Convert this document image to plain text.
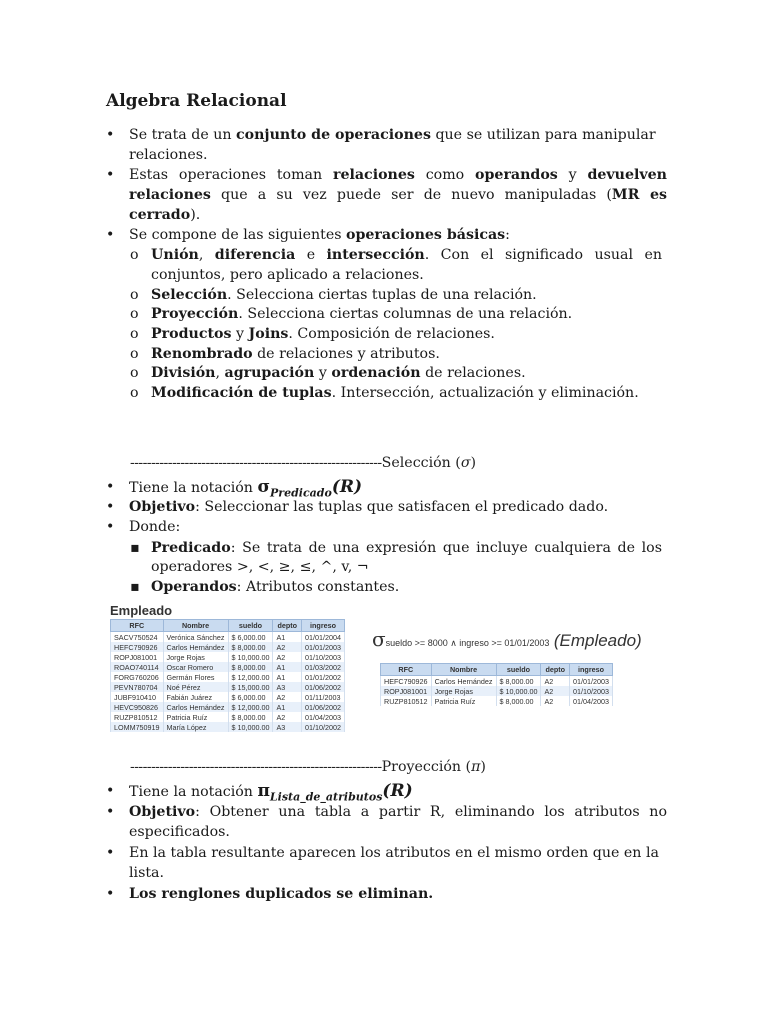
Algebra Relacional
• Se trata de un conjunto de operaciones que se utilizan para manipular relaciones.
• Estas operaciones toman relaciones como operandos y devuelven relaciones que a su vez puede ser de nuevo manipuladas (MR es cerrado).
• Se compone de las siguientes operaciones básicas:
o Unión, diferencia e intersección. Con el significado usual en
conjuntos, pero aplicado a relaciones.
o Selección. Selecciona ciertas tuplas de una relación.
o Proyección. Selecciona ciertas columnas de una relación.
o Productos y Joins. Composición de relaciones.
o Renombrado de relaciones y atributos.
o División, agrupación y ordenación de relaciones.
o Modificación de tuplas. Intersección, actualización y eliminación.
------------------------------------------------------------Selección (σ)
• Tiene la notación $\sigma_{Predicado}(R)$
• Objetivo: Seleccionar las tuplas que satisfacen el predicado dado.
• Donde:
▪ Predicado: Se trata de una expresión que incluye cualquiera de los
operadores >, <, ≥, ≤, ^, v, ¬
▪ Operandos: Atributos constantes.
Empleado
RFC	Nombre	sueldo	depto	ingreso
SACV750524	Verónica Sánchez	$ 6,000.00	A1	01/01/2004
HEFC790926	Carlos Hernández	$ 8,000.00	A2	01/01/2003
ROPJ081001	Jorge Rojas	$ 10,000.00	A2	01/10/2003
ROAO740114	Oscar Romero	$ 8,000.00	A1	01/03/2002
FORG760206	Germán Flores	$ 12,000.00	A1	01/01/2002
PEVN780704	Noé Pérez	$ 15,000.00	A3	01/06/2002
JUBF910410	Fabián Juárez	$ 6,000.00	A2	01/11/2003
HEVC950826	Carlos Hernández	$ 12,000.00	A1	01/06/2002
RUZP810512	Patricia Ruíz	$ 8,000.00	A2	01/04/2003
LOMM750919	María López	$ 10,000.00	A3	01/10/2002
σsueldo >= 8000 ∧ ingreso >= 01/01/2003 (Empleado)
RFC	Nombre	sueldo	depto	ingreso
HEFC790926	Carlos Hernández	$ 8,000.00	A2	01/01/2003
ROPJ081001	Jorge Rojas	$ 10,000.00	A2	01/10/2003
RUZP810512	Patricia Ruíz	$ 8,000.00	A2	01/04/2003
------------------------------------------------------------Proyección (π)
• Tiene la notación $\pi_{Lista\_de\_atributos}(R)$
• Objetivo: Obtener una tabla a partir R, eliminando los atributos no especificados.
• En la tabla resultante aparecen los atributos en el mismo orden que en la lista.
• Los renglones duplicados se eliminan.
